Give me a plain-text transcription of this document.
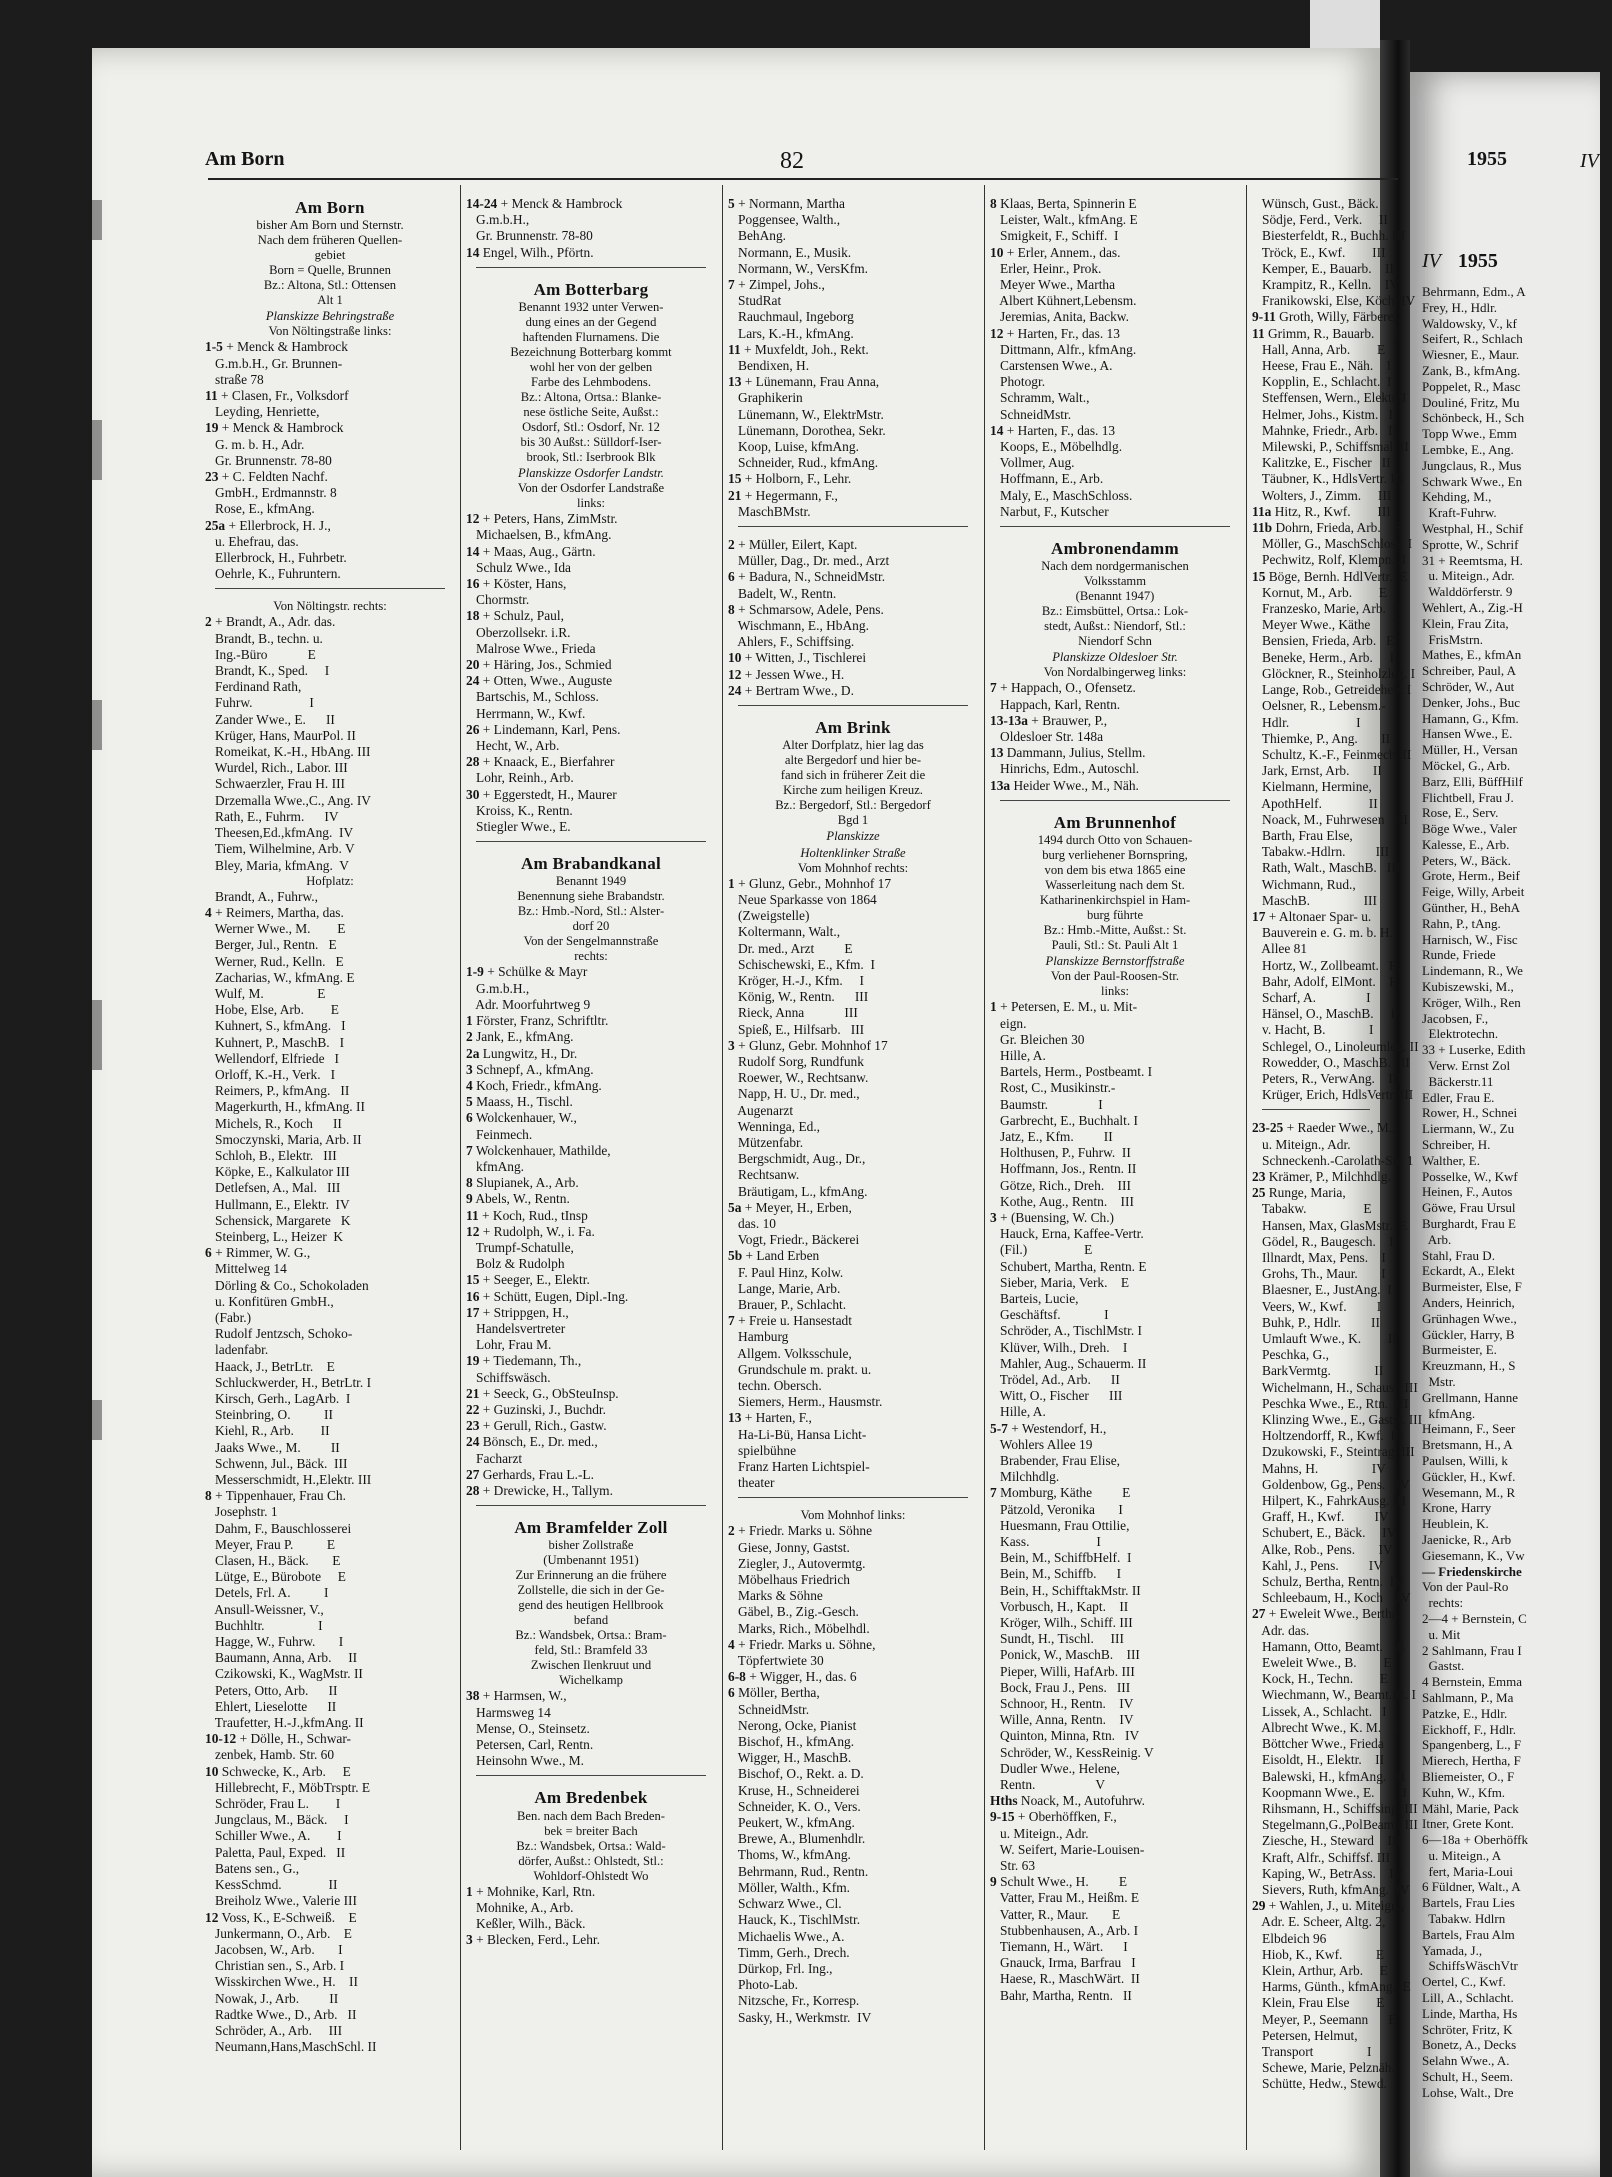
IV 1955
Behrmann, Edm., A
Frey, H., Hdlr.
Waldowsky, V., kf
Seifert, R., Schlach
Wiesner, E., Maur.
Zank, B., kfmAng.
Poppelet, R., Masc
Douliné, Fritz, Mu
Schönbeck, H., Sch
Topp Wwe., Emm
Lembke, E., Ang.
Jungclaus, R., Mus
Schwark Wwe., En
Kehding, M.,
Kraft-Fuhrw.
Westphal, H., Schif
Sprotte, W., Schrif
31 + Reemtsma, H.
u. Miteign., Adr.
Walddörferstr. 9
Wehlert, A., Zig.-H
Klein, Frau Zita,
FrisMstrn.
Mathes, E., kfmAn
Schreiber, Paul, A
Schröder, W., Aut
Denker, Johs., Buc
Hamann, G., Kfm.
Hansen Wwe., E.
Müller, H., Versan
Möckel, G., Arb.
Barz, Elli, BüffHilf
Flichtbell, Frau J.
Rose, E., Serv.
Böge Wwe., Valer
Kalesse, E., Arb.
Peters, W., Bäck.
Grote, Herm., Beif
Feige, Willy, Arbeit
Günther, H., BehA
Rahn, P., tAng.
Harnisch, W., Fisc
Runde, Friede
Lindemann, R., We
Kubiszewski, M.,
Kröger, Wilh., Ren
Jacobsen, F.,
Elektrotechn.
33 + Luserke, Edith
Verw. Ernst Zol
Bäckerstr.11
Edler, Frau E.
Rower, H., Schnei
Liermann, W., Zu
Schreiber, H.
Walther, E.
Posselke, W., Kwf
Heinen, F., Autos
Göwe, Frau Ursul
Burghardt, Frau E
Arb.
Stahl, Frau D.
Eckardt, A., Elekt
Burmeister, Else, F
Anders, Heinrich,
Grünhagen Wwe.,
Gückler, Harry, B
Burmeister, E.
Kreuzmann, H., S
Mstr.
Grellmann, Hanne
kfmAng.
Heimann, F., Seer
Bretsmann, H., A
Paulsen, Willi, k
Gückler, H., Kwf.
Wesemann, M., R
Krone, Harry
Heublein, K.
Jaenicke, R., Arb
Giesemann, K., Vw
— Friedenskirche
Von der Paul-Ro
rechts:
2—4 + Bernstein, C
u. Mit
2 Sahlmann, Frau I
Gastst.
4 Bernstein, Emma
Sahlmann, P., Ma
Patzke, E., Hdlr.
Eickhoff, F., Hdlr.
Spangenberg, L., F
Mierech, Hertha, F
Bliemeister, O., F
Kuhn, W., Kfm.
Mähl, Marie, Pack
Itner, Grete Kont.
6—18a + Oberhöffk
u. Miteign., A
fert, Maria-Loui
6 Füldner, Walt., A
Bartels, Frau Lies
Tabakw. Hdlrn
Bartels, Frau Alm
Yamada, J.,
SchiffsWäschVtr
Oertel, C., Kwf.
Lill, A., Schlacht.
Linde, Martha, Hs
Schröter, Fritz, K
Bonetz, A., Decks
Selahn Wwe., A.
Schult, H., Seem.
Lohse, Walt., Dre
Am Born	82	1955	IV
Am Born
bisher Am Born und Sternstr.
Nach dem früheren Quellen-
gebiet
Born = Quelle, Brunnen
Bz.: Altona, Stl.: Ottensen
Alt 1
Planskizze Behringstraße
Von Nöltingstraße links:
1-5 + Menck & Hambrock
G.m.b.H., Gr. Brunnen-
straße 78
11 + Clasen, Fr., Volksdorf
Leyding, Henriette,
19 + Menck & Hambrock
G. m. b. H., Adr.
Gr. Brunnenstr. 78-80
23 + C. Feldten Nachf.
GmbH., Erdmannstr. 8
Rose, E., kfmAng.
25a + Ellerbrock, H. J.,
u. Ehefrau, das.
Ellerbrock, H., Fuhrbetr.
Oehrle, K., Fuhruntern.
Von Nöltingstr. rechts:
2 + Brandt, A., Adr. das.
Brandt, B., techn. u.
Ing.-Büro            E
Brandt, K., Sped.     I
Ferdinand Rath,
Fuhrw.                 I
Zander Wwe., E.      II
Krüger, Hans, MaurPol. II
Romeikat, K.-H., HbAng. III
Wurdel, Rich., Labor. III
Schwaerzler, Frau H. III
Drzemalla Wwe.,C., Ang. IV
Rath, E., Fuhrm.      IV
Theesen,Ed.,kfmAng.  IV
Tiem, Wilhelmine, Arb. V
Bley, Maria, kfmAng.  V
Hofplatz:
Brandt, A., Fuhrw.,
4 + Reimers, Martha, das.
Werner Wwe., M.        E
Berger, Jul., Rentn.   E
Werner, Rud., Kelln.   E
Zacharias, W., kfmAng. E
Wulf, M.                E
Hobe, Else, Arb.        E
Kuhnert, S., kfmAng.   I
Kuhnert, P., MaschB.   I
Wellendorf, Elfriede   I
Orloff, K.-H., Verk.   I
Reimers, P., kfmAng.   II
Magerkurth, H., kfmAng. II
Michels, R., Koch      II
Smoczynski, Maria, Arb. II
Schloh, B., Elektr.   III
Köpke, E., Kalkulator III
Detlefsen, A., Mal.   III
Hullmann, E., Elektr.  IV
Schensick, Margarete   K
Steinberg, L., Heizer  K
6 + Rimmer, W. G.,
Mittelweg 14
Dörling & Co., Schokoladen
u. Konfitüren GmbH.,
(Fabr.)
Rudolf Jentzsch, Schoko-
ladenfabr.
Haack, J., BetrLtr.    E
Schluckwerder, H., BetrLtr. I
Kirsch, Gerh., LagArb.  I
Steinbring, O.          II
Kiehl, R., Arb.        II
Jaaks Wwe., M.         II
Schwenn, Jul., Bäck.  III
Messerschmidt, H.,Elektr. III
8 + Tippenhauer, Frau Ch.
Josephstr. 1
Dahm, F., Bauschlosserei
Meyer, Frau P.          E
Clasen, H., Bäck.       E
Lütge, E., Bürobote     E
Detels, Frl. A.          I
Ansull-Weissner, V.,
Buchhltr.                I
Hagge, W., Fuhrw.       I
Baumann, Anna, Arb.     II
Czikowski, K., WagMstr. II
Peters, Otto, Arb.      II
Ehlert, Lieselotte      II
Traufetter, H.-J.,kfmAng. II
10-12 + Dölle, H., Schwar-
zenbek, Hamb. Str. 60
10 Schwecke, K., Arb.     E
Hillebrecht, F., MöbTrsptr. E
Schröder, Frau L.        I
Jungclaus, M., Bäck.     I
Schiller Wwe., A.        I
Paletta, Paul, Exped.   II
Batens sen., G.,
KessSchmd.              II
Breiholz Wwe., Valerie III
12 Voss, K., E-Schweiß.    E
Junkermann, O., Arb.    E
Jacobsen, W., Arb.       I
Christian sen., S., Arb. I
Wisskirchen Wwe., H.    II
Nowak, J., Arb.         II
Radtke Wwe., D., Arb.   II
Schröder, A., Arb.     III
Neumann,Hans,MaschSchl. II
14-24 + Menck & Hambrock
G.m.b.H.,
Gr. Brunnenstr. 78-80
14 Engel, Wilh., Pförtn.
Am Botterbarg
Benannt 1932 unter Verwen-
dung eines an der Gegend
haftenden Flurnamens. Die
Bezeichnung Botterbarg kommt
wohl her von der gelben
Farbe des Lehmbodens.
Bz.: Altona, Ortsa.: Blanke-
nese östliche Seite, Außst.:
Osdorf, Stl.: Osdorf, Nr. 12
bis 30 Außst.: Sülldorf-Iser-
brook, Stl.: Iserbrook Blk
Planskizze Osdorfer Landstr.
Von der Osdorfer Landstraße
links:
12 + Peters, Hans, ZimMstr.
Michaelsen, B., kfmAng.
14 + Maas, Aug., Gärtn.
Schulz Wwe., Ida
16 + Köster, Hans,
Chormstr.
18 + Schulz, Paul,
Oberzollsekr. i.R.
Malrose Wwe., Frieda
20 + Häring, Jos., Schmied
24 + Otten, Wwe., Auguste
Bartschis, M., Schloss.
Herrmann, W., Kwf.
26 + Lindemann, Karl, Pens.
Hecht, W., Arb.
28 + Knaack, E., Bierfahrer
Lohr, Reinh., Arb.
30 + Eggerstedt, H., Maurer
Kroiss, K., Rentn.
Stiegler Wwe., E.
Am Brabandkanal
Benannt 1949
Benennung siehe Brabandstr.
Bz.: Hmb.-Nord, Stl.: Alster-
dorf 20
Von der Sengelmannstraße
rechts:
1-9 + Schülke & Mayr
G.m.b.H.,
Adr. Moorfuhrtweg 9
1 Förster, Franz, Schriftltr.
2 Jank, E., kfmAng.
2a Lungwitz, H., Dr.
3 Schnepf, A., kfmAng.
4 Koch, Friedr., kfmAng.
5 Maass, H., Tischl.
6 Wolckenhauer, W.,
Feinmech.
7 Wolckenhauer, Mathilde,
kfmAng.
8 Slupianek, A., Arb.
9 Abels, W., Rentn.
11 + Koch, Rud., tInsp
12 + Rudolph, W., i. Fa.
Trumpf-Schatulle,
Bolz & Rudolph
15 + Seeger, E., Elektr.
16 + Schütt, Eugen, Dipl.-Ing.
17 + Strippgen, H.,
Handelsvertreter
Lohr, Frau M.
19 + Tiedemann, Th.,
Schiffswäsch.
21 + Seeck, G., ObSteuInsp.
22 + Guzinski, J., Buchdr.
23 + Gerull, Rich., Gastw.
24 Bönsch, E., Dr. med.,
Facharzt
27 Gerhards, Frau L.-L.
28 + Drewicke, H., Tallym.
Am Bramfelder Zoll
bisher Zollstraße
(Umbenannt 1951)
Zur Erinnerung an die frühere
Zollstelle, die sich in der Ge-
gend des heutigen Hellbrook
befand
Bz.: Wandsbek, Ortsa.: Bram-
feld, Stl.: Bramfeld 33
Zwischen Ilenkruut und
Wichelkamp
38 + Harmsen, W.,
Harmsweg 14
Mense, O., Steinsetz.
Petersen, Carl, Rentn.
Heinsohn Wwe., M.
Am Bredenbek
Ben. nach dem Bach Breden-
bek = breiter Bach
Bz.: Wandsbek, Ortsa.: Wald-
dörfer, Außst.: Ohlstedt, Stl.:
Wohldorf-Ohlstedt Wo
1 + Mohnike, Karl, Rtn.
Mohnike, A., Arb.
Keßler, Wilh., Bäck.
3 + Blecken, Ferd., Lehr.
5 + Normann, Martha
Poggensee, Walth.,
BehAng.
Normann, E., Musik.
Normann, W., VersKfm.
7 + Zimpel, Johs.,
StudRat
Rauchmaul, Ingeborg
Lars, K.-H., kfmAng.
11 + Muxfeldt, Joh., Rekt.
Bendixen, H.
13 + Lünemann, Frau Anna,
Graphikerin
Lünemann, W., ElektrMstr.
Lünemann, Dorothea, Sekr.
Koop, Luise, kfmAng.
Schneider, Rud., kfmAng.
15 + Holborn, F., Lehr.
21 + Hegermann, F.,
MaschBMstr.
2 + Müller, Eilert, Kapt.
Müller, Dag., Dr. med., Arzt
6 + Badura, N., SchneidMstr.
Badelt, W., Rentn.
8 + Schmarsow, Adele, Pens.
Wischmann, E., HbAng.
Ahlers, F., Schiffsing.
10 + Witten, J., Tischlerei
12 + Jessen Wwe., H.
24 + Bertram Wwe., D.
Am Brink
Alter Dorfplatz, hier lag das
alte Bergedorf und hier be-
fand sich in früherer Zeit die
Kirche zum heiligen Kreuz.
Bz.: Bergedorf, Stl.: Bergedorf
Bgd 1
Planskizze
Holtenklinker Straße
Vom Mohnhof rechts:
1 + Glunz, Gebr., Mohnhof 17
Neue Sparkasse von 1864
(Zweigstelle)
Koltermann, Walt.,
Dr. med., Arzt         E
Schischewski, E., Kfm.  I
Kröger, H.-J., Kfm.     I
König, W., Rentn.      III
Rieck, Anna            III
Spieß, E., Hilfsarb.   III
3 + Glunz, Gebr. Mohnhof 17
Rudolf Sorg, Rundfunk
Roewer, W., Rechtsanw.
Napp, H. U., Dr. med.,
Augenarzt
Wenninga, Ed.,
Mützenfabr.
Bergschmidt, Aug., Dr.,
Rechtsanw.
Bräutigam, L., kfmAng.
5a + Meyer, H., Erben,
das. 10
Vogt, Friedr., Bäckerei
5b + Land Erben
F. Paul Hinz, Kolw.
Lange, Marie, Arb.
Brauer, P., Schlacht.
7 + Freie u. Hansestadt
Hamburg
Allgem. Volksschule,
Grundschule m. prakt. u.
techn. Obersch.
Siemers, Herm., Hausmstr.
13 + Harten, F.,
Ha-Li-Bü, Hansa Licht-
spielbühne
Franz Harten Lichtspiel-
theater
Vom Mohnhof links:
2 + Friedr. Marks u. Söhne
Giese, Jonny, Gastst.
Ziegler, J., Autovermtg.
Möbelhaus Friedrich
Marks & Söhne
Gäbel, B., Zig.-Gesch.
Marks, Rich., Möbelhdl.
4 + Friedr. Marks u. Söhne,
Töpfertwiete 30
6-8 + Wigger, H., das. 6
6 Möller, Bertha,
SchneidMstr.
Nerong, Ocke, Pianist
Bischof, H., kfmAng.
Wigger, H., MaschB.
Bischof, O., Rekt. a. D.
Kruse, H., Schneiderei
Schneider, K. O., Vers.
Peukert, W., kfmAng.
Brewe, A., Blumenhdlr.
Thoms, W., kfmAng.
Behrmann, Rud., Rentn.
Möller, Walth., Kfm.
Schwarz Wwe., Cl.
Hauck, K., TischlMstr.
Michaelis Wwe., A.
Timm, Gerh., Drech.
Dürkop, Frl. Ing.,
Photo-Lab.
Nitzsche, Fr., Korresp.
Sasky, H., Werkmstr.  IV
8 Klaas, Berta, Spinnerin E
Leister, Walt., kfmAng. E
Smigkeit, F., Schiff.  I
10 + Erler, Annem., das.
Erler, Heinr., Prok.
Meyer Wwe., Martha
Albert Kühnert,Lebensm.
Jeremias, Anita, Backw.
12 + Harten, Fr., das. 13
Dittmann, Alfr., kfmAng.
Carstensen Wwe., A.
Photogr.
Schramm, Walt.,
SchneidMstr.
14 + Harten, F., das. 13
Koops, E., Möbelhdlg.
Vollmer, Aug.
Hoffmann, E., Arb.
Maly, E., MaschSchloss.
Narbut, F., Kutscher
Ambronendamm
Nach dem nordgermanischen
Volksstamm
(Benannt 1947)
Bz.: Eimsbüttel, Ortsa.: Lok-
stedt, Außst.: Niendorf, Stl.:
Niendorf Schn
Planskizze Oldesloer Str.
Von Nordalbingerweg links:
7 + Happach, O., Ofensetz.
Happach, Karl, Rentn.
13-13a + Brauwer, P.,
Oldesloer Str. 148a
13 Dammann, Julius, Stellm.
Hinrichs, Edm., Autoschl.
13a Heider Wwe., M., Näh.
Am Brunnenhof
1494 durch Otto von Schauen-
burg verliehener Bornspring,
von dem bis etwa 1865 eine
Wasserleitung nach dem St.
Katharinenkirchspiel in Ham-
burg führte
Bz.: Hmb.-Mitte, Außst.: St.
Pauli, Stl.: St. Pauli Alt 1
Planskizze Bernstorffstraße
Von der Paul-Roosen-Str.
links:
1 + Petersen, E. M., u. Mit-
eign.
Gr. Bleichen 30
Hille, A.
Bartels, Herm., Postbeamt. I
Rost, C., Musikinstr.-
Baumstr.               I
Garbrecht, E., Buchhalt. I
Jatz, E., Kfm.         II
Holthusen, P., Fuhrw.  II
Hoffmann, Jos., Rentn. II
Götze, Rich., Dreh.    III
Kothe, Aug., Rentn.    III
3 + (Buensing, W. Ch.)
Hauck, Erna, Kaffee-Vertr.
(Fil.)                 E
Schubert, Martha, Rentn. E
Sieber, Maria, Verk.    E
Barteis, Lucie,
Geschäftsf.             I
Schröder, A., TischlMstr. I
Klüver, Wilh., Dreh.    I
Mahler, Aug., Schauerm. II
Trödel, Ad., Arb.      II
Witt, O., Fischer      III
Hille, A.
5-7 + Westendorf, H.,
Wohlers Allee 19
Brabender, Frau Elise,
Milchhdlg.
7 Momburg, Käthe         E
Pätzold, Veronika       I
Huesmann, Frau Ottilie,
Kass.                    I
Bein, M., SchiffbHelf.  I
Bein, M., Schiffb.      I
Bein, H., SchifftakMstr. II
Vorbusch, H., Kapt.    II
Kröger, Wilh., Schiff. III
Sundt, H., Tischl.     III
Ponick, W., MaschB.    III
Pieper, Willi, HafArb. III
Bock, Frau J., Pens.   III
Schnoor, H., Rentn.    IV
Wille, Anna, Rentn.    IV
Quinton, Minna, Rtn.   IV
Schröder, W., KessReinig. V
Dudler Wwe., Helene,
Rentn.                  V
Hths Noack, M., Autofuhrw.
9-15 + Oberhöffken, F.,
u. Miteign., Adr.
W. Seifert, Marie-Louisen-
Str. 63
9 Schult Wwe., H.         E
Vatter, Frau M., Heißm. E
Vatter, R., Maur.       E
Stubbenhausen, A., Arb. I
Tiemann, H., Wärt.      I
Gnauck, Irma, Barfrau   I
Haese, R., MaschWärt.  II
Bahr, Martha, Rentn.   II
Wünsch, Gust., Bäck.
Södje, Ferd., Verk.     II
Biesterfeldt, R., Buchh. III
Tröck, E., Kwf.        III
Kemper, E., Bauarb.    III
Krampitz, R., Kelln.    IV
Franikowski, Else, Köch. IV
9-11 Groth, Willy, Färberei
11 Grimm, R., Bauarb.      E
Hall, Anna, Arb.        E
Heese, Frau E., Näh.    I
Kopplin, E., Schlacht.  I
Steffensen, Wern., Elektr. I
Helmer, Johs., Kistm.   I
Mahnke, Friedr., Arb.   II
Milewski, P., Schiffsmal. II
Kalitzke, E., Fischer   II
Täubner, K., HdlsVertr. III
Wolters, J., Zimm.     III
11a Hitz, R., Kwf.        III
11b Dohrn, Frieda, Arb.    E
Möller, G., MaschSchloss. I
Pechwitz, Rolf, Klempn.  I
15 Böge, Bernh. HdlVertr.  E
Kornut, M., Arb.        E
Franzesko, Marie, Arb.  E
Meyer Wwe., Käthe       E
Bensien, Frieda, Arb.   E
Beneke, Herm., Arb.     I
Glöckner, R., Steinholzleg. I
Lange, Rob., Getreideheb. I
Oelsner, R., Lebensm.-
Hdlr.                    I
Thiemke, P., Ang.       II
Schultz, K.-F., Feinmech. II
Jark, Ernst, Arb.       II
Kielmann, Hermine,
ApothHelf.              II
Noack, M., Fuhrwesen   III
Barth, Frau Else,
Tabakw.-Hdlrn.         III
Rath, Walt., MaschB.   III
Wichmann, Rud.,
MaschB.                III
17 + Altonaer Spar- u.
Bauverein e. G. m. b. H.
Allee 81
Hortz, W., Zollbeamt.   E
Bahr, Adolf, ElMont.    E
Scharf, A.               I
Hänsel, O., MaschB.     I
v. Hacht, B.             I
Schlegel, O., Linoleumleg. II
Rowedder, O., MaschB.   II
Peters, R., VerwAng.    III
Krüger, Erich, HdlsVertr. III
23-25 + Raeder Wwe., M.,
u. Miteign., Adr.
Schneckenh.-Carolath-Str. 1
23 Krämer, P., Milchhdlg.
25 Runge, Maria,
Tabakw.                 E
Hansen, Max, GlasMstr.  E
Gödel, R., Baugesch.    I
Illnardt, Max, Pens.    I
Grohs, Th., Maur.       I
Blaesner, E., JustAng.  I
Veers, W., Kwf.         I
Buhk, P., Hdlr.         II
Umlauft Wwe., K.        II
Peschka, G.,
BarkVermtg.             II
Wichelmann, H., Schaust. III
Peschka Wwe., E., Rtn.  III
Klinzing Wwe., E., Gastst. III
Holtzendorff, R., Kwf.  III
Dzukowski, F., Steintrag. III
Mahns, H.                IV
Goldenbow, Gg., Pens.   IV
Hilpert, K., FahrkAusg. III
Graff, H., Kwf.         IV
Schubert, E., Bäck.     IV
Alke, Rob., Pens.       IV
Kahl, J., Pens.         IV
Schulz, Bertha, Rentn.  IV
Schleebaum, H., Koch    IV
27 + Eweleit Wwe., Bertha,
Adr. das.
Hamann, Otto, Beamt.    E
Eweleit Wwe., B.        E
Kock, H., Techn.        E
Wiechmann, W., Beamt.iR. I
Lissek, A., Schlacht.   I
Albrecht Wwe., K. M.    I
Böttcher Wwe., Frieda   II
Eisoldt, H., Elektr.    II
Balewski, H., kfmAng.   II
Koopmann Wwe., E.       II
Rihsmann, H., Schiffsing. III
Stegelmann,G.,PolBeamt. III
Ziesche, H., Steward    III
Kraft, Alfr., Schiffsf. III
Kaping, W., BetrAss.    IV
Sievers, Ruth, kfmAng.  IV
29 + Wahlen, J., u. Miteign.,
Adr. E. Scheer, Altg. 2,
Elbdeich 96
Hiob, K., Kwf.          E
Klein, Arthur, Arb.     E
Harms, Günth., kfmAng.  E
Klein, Frau Else        E
Meyer, P., Seemann      E
Petersen, Helmut,
Transport                I
Schewe, Marie, Pelznäh. I
Schütte, Hedw., Stewd.  I
